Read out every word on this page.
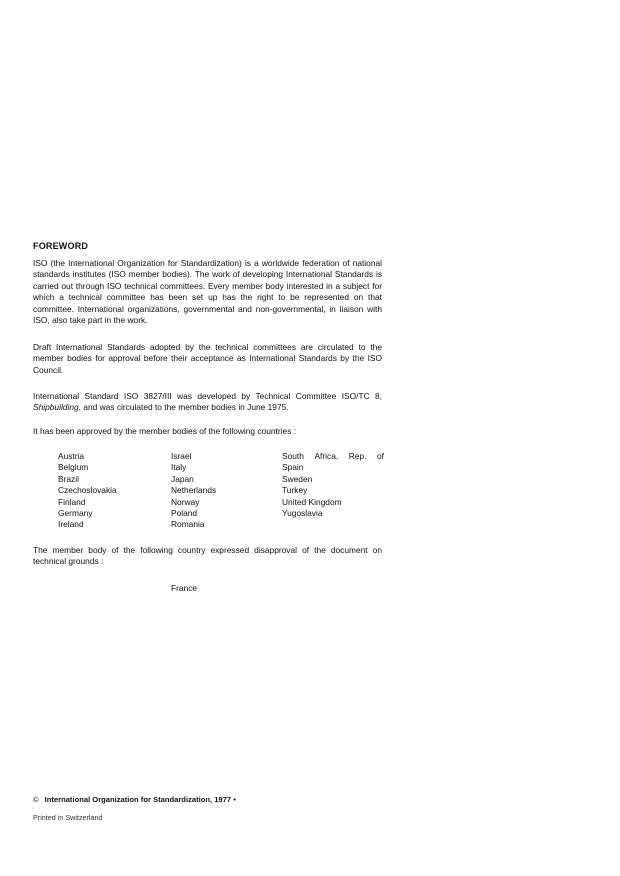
FOREWORD

ISO (the International Organization for Standardization) is a worldwide federation of national standards institutes (ISO member bodies). The work of developing International Standards is carried out through ISO technical committees. Every member body interested in a subject for which a technical committee has been set up has the right to be represented on that committee. International organizations, governmental and non-governmental, in liaison with ISO, also take part in the work.

Draft International Standards adopted by the technical committees are circulated to the member bodies for approval before their acceptance as International Standards by the ISO Council.

International Standard ISO 3827/III was developed by Technical Committee ISO/TC 8, Shipbuilding, and was circulated to the member bodies in June 1975.

It has been approved by the member bodies of the following countries :

Austria
Belgium
Brazil
Czechoslovakia
Finland
Germany
Ireland
Israel
Italy
Japan
Netherlands
Norway
Poland
Romania
South Africa, Rep. of
Spain
Sweden
Turkey
United Kingdom
Yugoslavia

The member body of the following country expressed disapproval of the document on technical grounds :

France
© International Organization for Standardization, 1977 •
Printed in Switzerland
